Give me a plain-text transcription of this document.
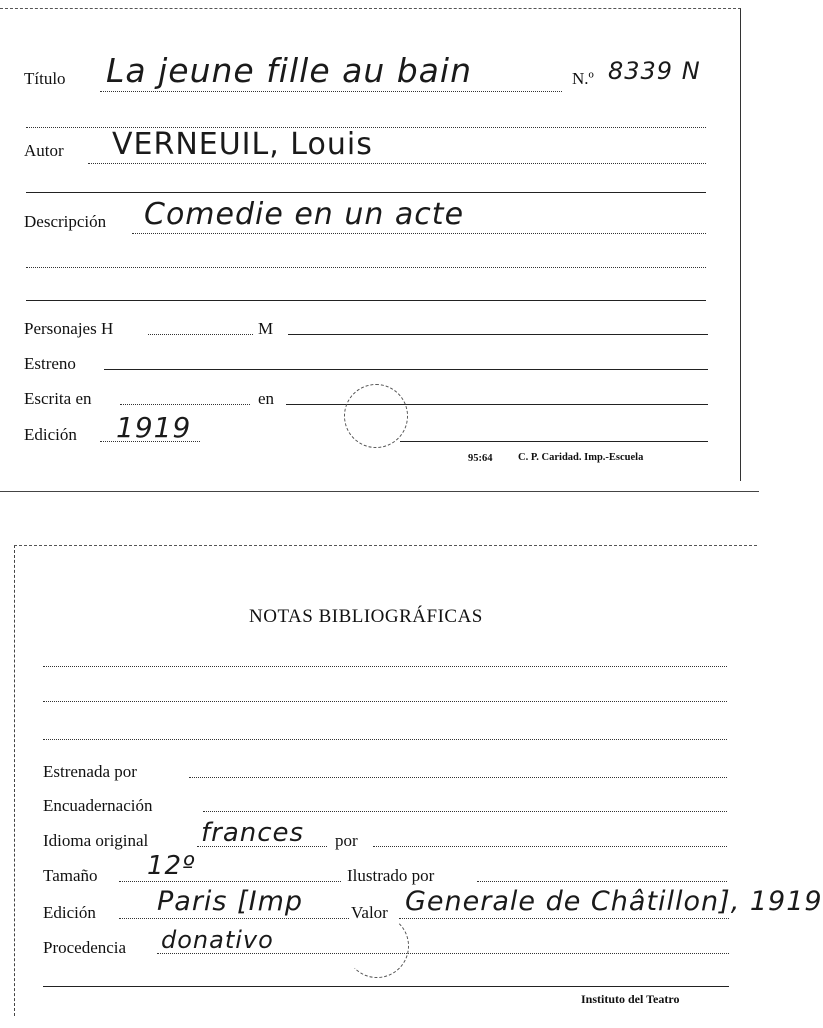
Título La jeune fille au bain	N.º 8339 N
Autor VERNEUIL, Louis
Descripción Comedie en un acte
Personajes H	M
Estreno
Escrita en	en
Edición 1919
95:64 C. P. Caridad. Imp.-Escuela
NOTAS BIBLIOGRÁFICAS
Estrenada por
Encuadernación
Idioma original frances por
Tamaño 12º	Ilustrado por
Edición Paris [Imp	Valor Generale de Châtillon], 1919
Procedencia donativo
Instituto del Teatro
